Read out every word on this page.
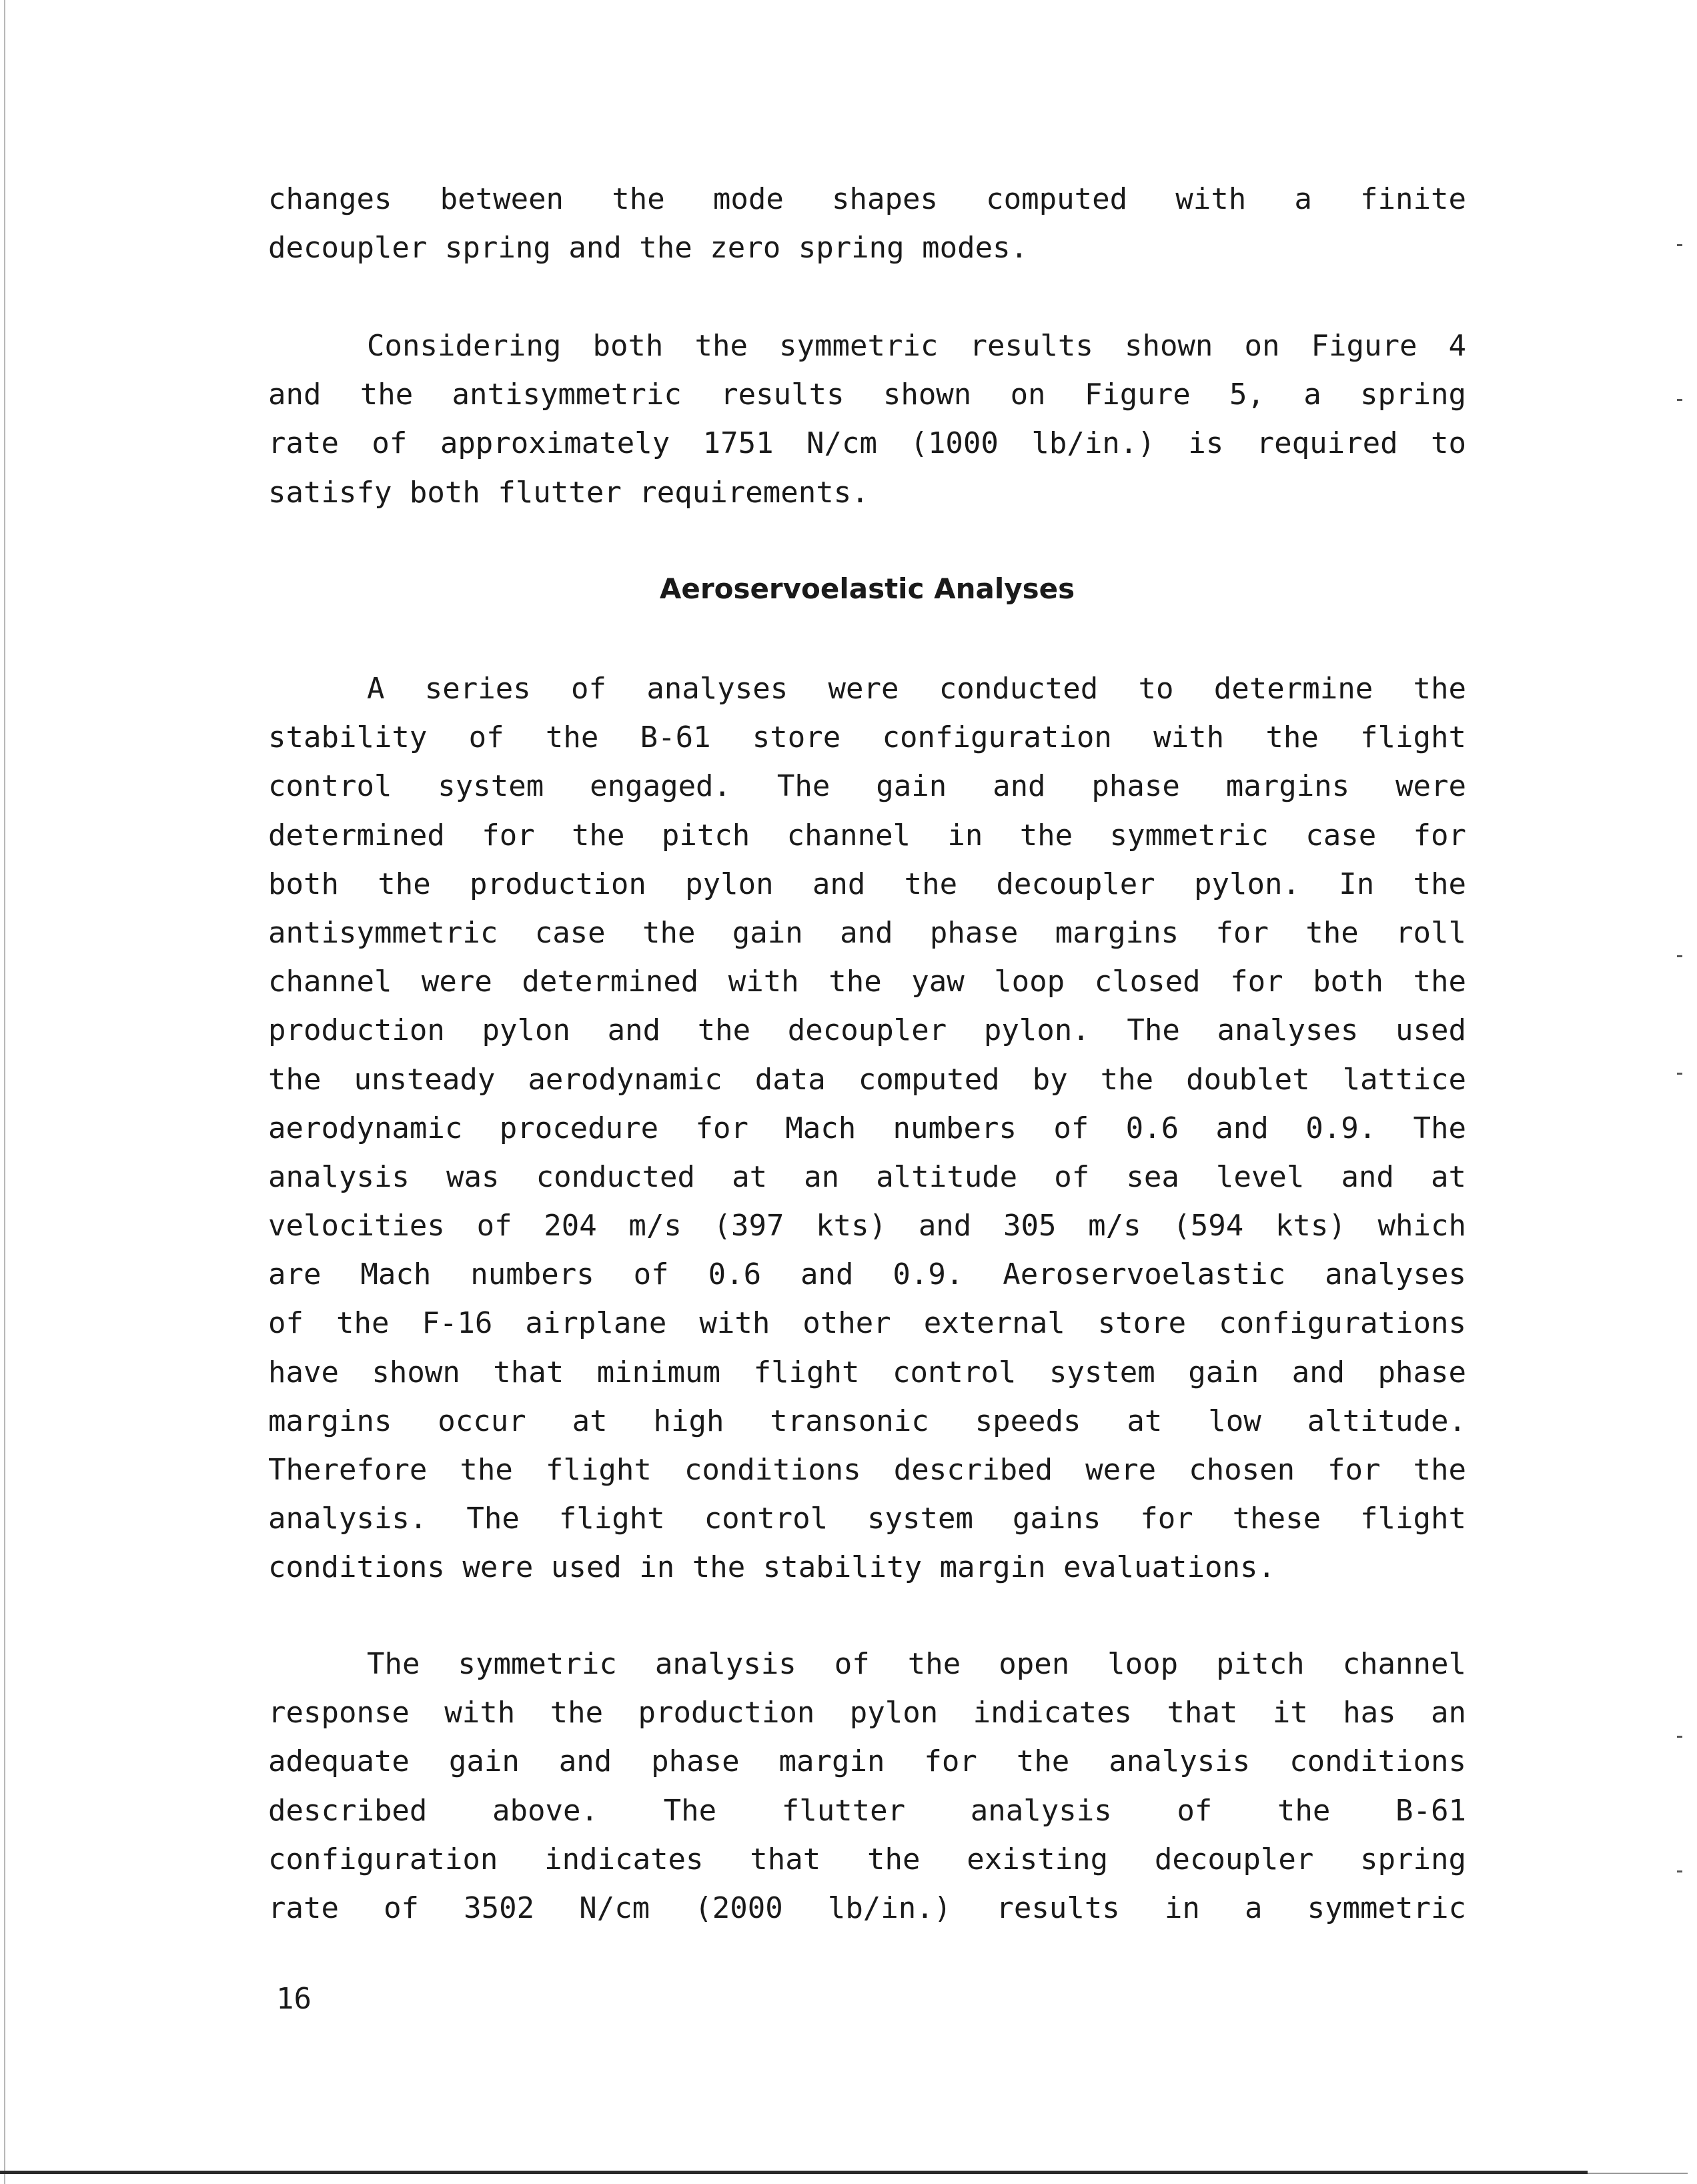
changes between the mode shapes computed with a finite
decoupler spring and the zero spring modes.
Considering both the symmetric results shown on Figure 4
and the antisymmetric results shown on Figure 5, a spring
rate of approximately 1751 N/cm (1000 lb/in.) is required to
satisfy both flutter requirements.
Aeroservoelastic Analyses
A series of analyses were conducted to determine the
stability of the B-61 store configuration with the flight
control system engaged. The gain and phase margins were
determined for the pitch channel in the symmetric case for
both the production pylon and the decoupler pylon. In the
antisymmetric case the gain and phase margins for the roll
channel were determined with the yaw loop closed for both the
production pylon and the decoupler pylon. The analyses used
the unsteady aerodynamic data computed by the doublet lattice
aerodynamic procedure for Mach numbers of 0.6 and 0.9. The
analysis was conducted at an altitude of sea level and at
velocities of 204 m/s (397 kts) and 305 m/s (594 kts) which
are Mach numbers of 0.6 and 0.9. Aeroservoelastic analyses
of the F-16 airplane with other external store configurations
have shown that minimum flight control system gain and phase
margins occur at high transonic speeds at low altitude.
Therefore the flight conditions described were chosen for the
analysis. The flight control system gains for these flight
conditions were used in the stability margin evaluations.
The symmetric analysis of the open loop pitch channel
response with the production pylon indicates that it has an
adequate gain and phase margin for the analysis conditions
described above. The flutter analysis of the B-61
configuration indicates that the existing decoupler spring
rate of 3502 N/cm (2000 lb/in.) results in a symmetric
16
